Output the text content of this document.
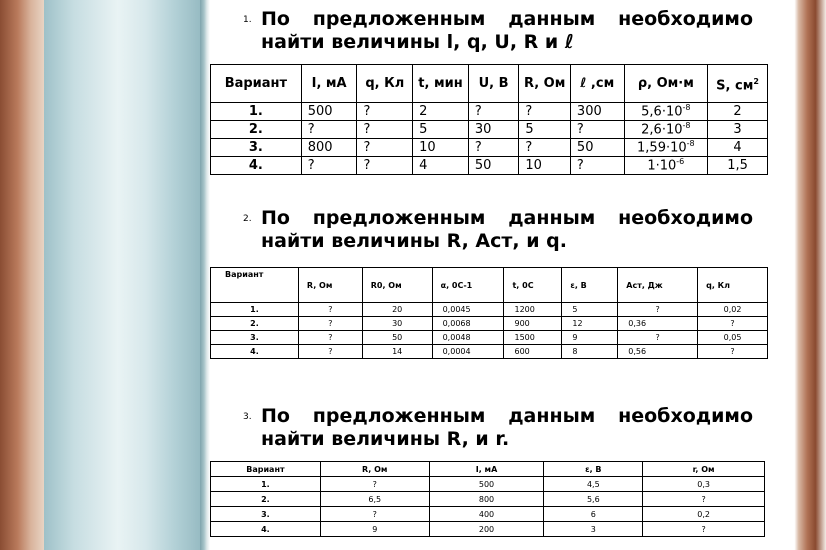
1. По предложенным данным необходимо
найти величины l, q, U, R и ℓ
Вариант	I, мА	q, Кл	t, мин	U, В	R, Ом	ℓ ,см	ρ, Ом·м	S, $см^2$
1.	500	?	2	?	?	300	$5,6\cdot 10^{-8}$	2
2.	?	?	5	30	5	?	$2,6\cdot 10^{-8}$	3
3.	800	?	10	?	?	50	$1,59\cdot 10^{-8}$	4
4.	?	?	4	50	10	?	$1\cdot 10^{-6}$	1,5
2. По предложенным данным необходимо
найти величины R, Aст, и q.
Вариант	R, Ом	R0, Ом	α, 0С-1	t, 0С	ε, В	Aст, Дж	q, Кл
1.	?	20	0,0045	1200	5	?	0,02
2.	?	30	0,0068	900	12	0,36	?
3.	?	50	0,0048	1500	9	?	0,05
4.	?	14	0,0004	600	8	0,56	?
3. По предложенным данным необходимо
найти величины R, и r.
Вариант	R, Ом	I, мА	ε, В	r, Ом
1.	?	500	4,5	0,3
2.	6,5	800	5,6	?
3.	?	400	6	0,2
4.	9	200	3	?
